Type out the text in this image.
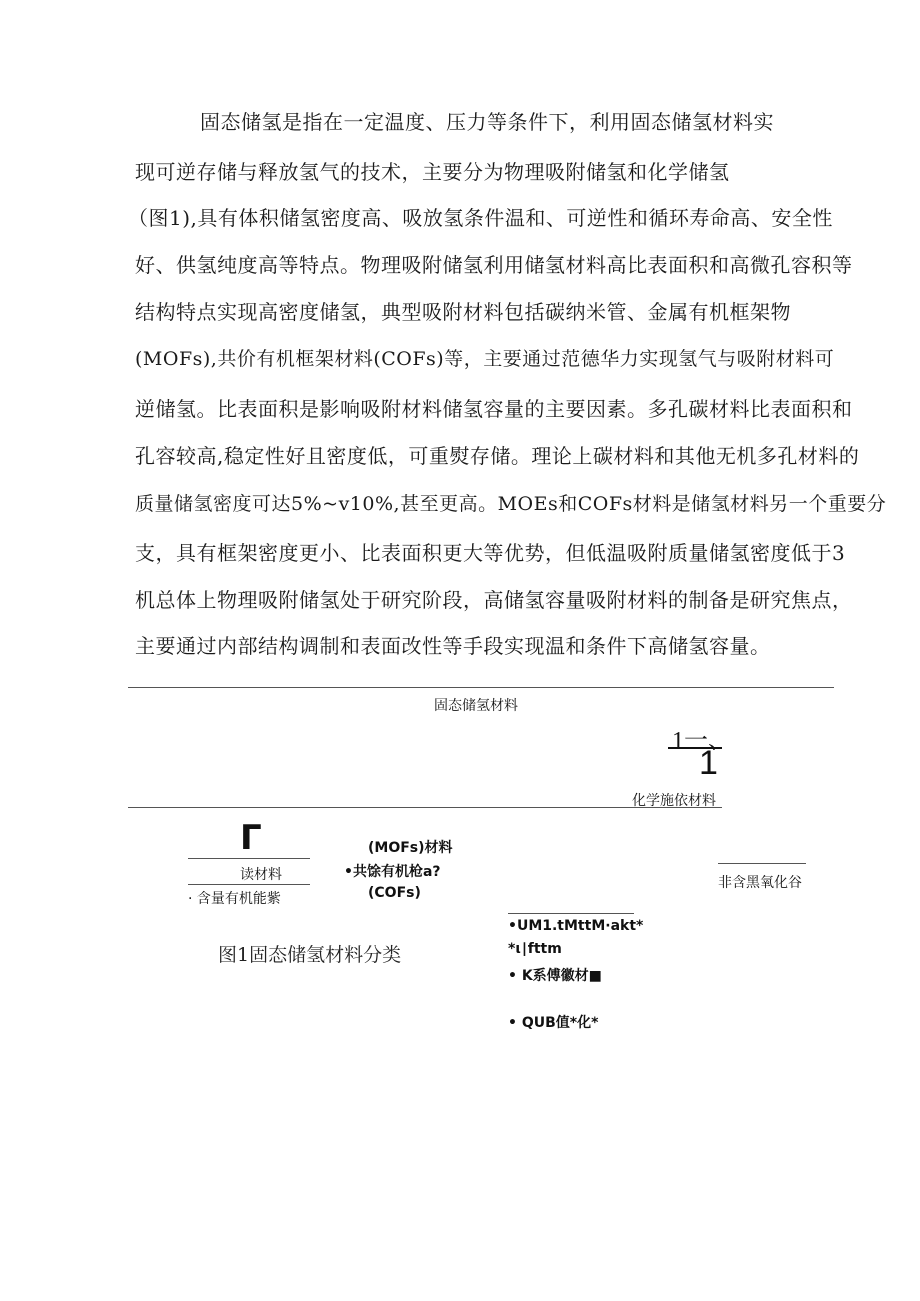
固态储氢是指在一定温度、压力等条件下，利用固态储氢材料实
现可逆存储与释放氢气的技术，主要分为物理吸附储氢和化学储氢
（图1),具有体积储氢密度高、吸放氢条件温和、可逆性和循环寿命高、安全性
好、供氢纯度高等特点。物理吸附储氢利用储氢材料高比表面积和高微孔容积等
结构特点实现高密度储氢，典型吸附材料包括碳纳米管、金属有机框架物
(MOFs),共价有机框架材料(COFs)等，主要通过范德华力实现氢气与吸附材料可
逆储氢。比表面积是影响吸附材料储氢容量的主要因素。多孔碳材料比表面积和
孔容较高,稳定性好且密度低，可重熨存储。理论上碳材料和其他无机多孔材料的
质量储氢密度可达5%~v10%,甚至更高。MOEs和COFs材料是储氢材料另一个重要分
支，具有框架密度更小、比表面积更大等优势，但低温吸附质量储氢密度低于3
机总体上物理吸附储氢处于研究阶段，高储氢容量吸附材料的制备是研究焦点，
主要通过内部结构调制和表面改性等手段实现温和条件下高储氢容量。
固态储氢材料
1一、
1
化学施依材料
Γ
读材料
· 含量有机能紫
(MOFs)材料
•共馀有机枪a?
(COFs)
非含黑氧化谷
•UM1.tMttM·akt*
*ι∣fttm
• K系傅徽材■
• QUB值*化*
图1固态储氢材料分类
